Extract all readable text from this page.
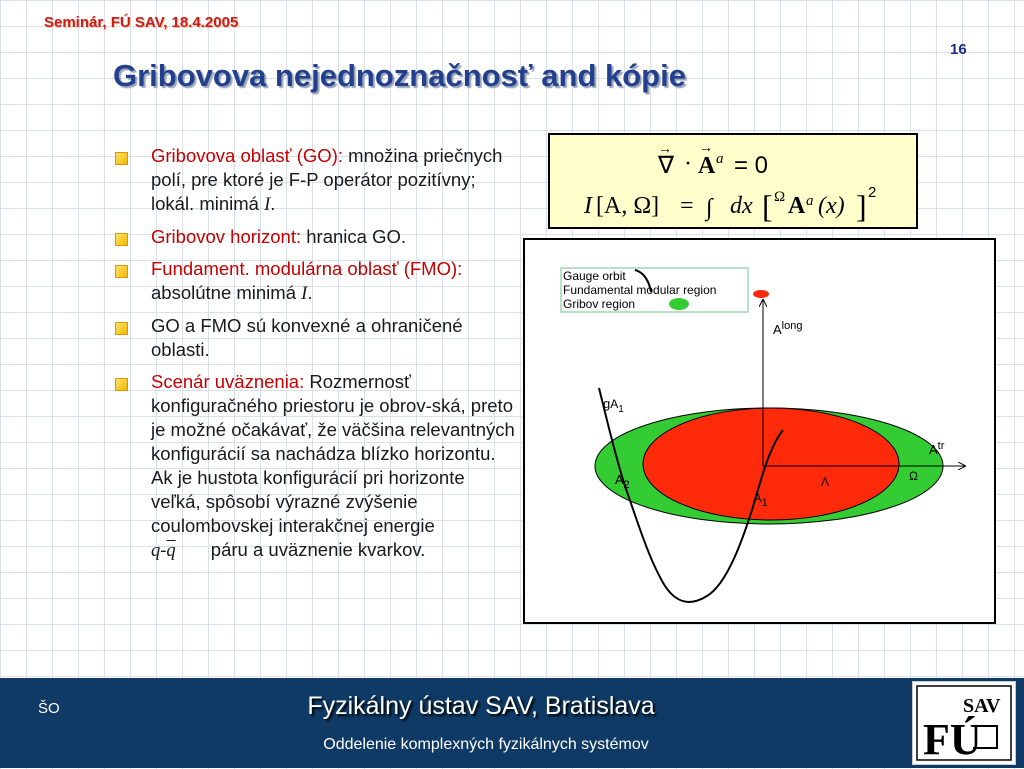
Seminár, FÚ SAV, 18.4.2005
16
Gribovova nejednoznačnosť and kópie
Gribovova oblasť (GO): množina priečnych polí, pre ktoré je F-P operátor pozitívny; lokál. minimá I.
Gribovov horizont: hranica GO.
Fundament. modulárna oblasť (FMO): absolútne minimá I.
GO a FMO sú konvexné a ohraničené oblasti.
Scenár uväznenia: Rozmernosť konfiguračného priestoru je obrov-ská, preto je možné očakávať, že väčšina relevantných konfigurácií sa nachádza blízko horizontu. Ak je hustota konfigurácií pri horizonte veľká, spôsobí výrazné zvýšenie coulombovskej interakčnej energie
$q-\overline{q}$ páru a uväznenie kvarkov.
∇
→
· A
→
a = 0
I [A, Ω] = ∫ dx [ Ω A a (x) ] 2
Gauge orbit
Fundamental modular region
Gribov region
$A^{long}$
$A^{tr}$
Ω
Λ
$gA_1$
$A_1$
$A_2$
ŠO	Fyzikálny ústav SAV, Bratislava
Oddelenie komplexných fyzikálnych systémov
SAV
FÚ
